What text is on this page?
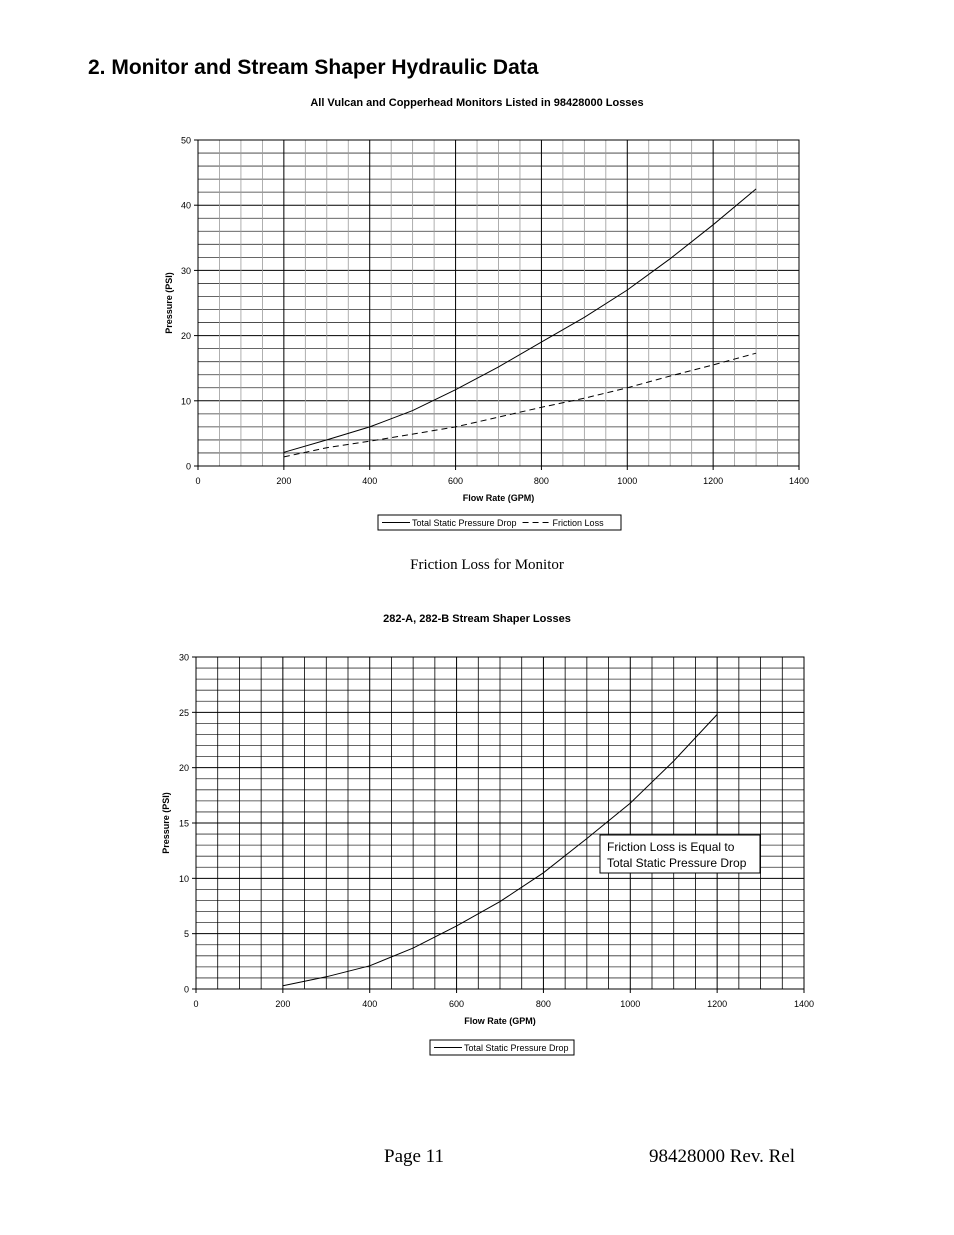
2. Monitor and Stream Shaper Hydraulic Data
All Vulcan and Copperhead Monitors Listed in 98428000 Losses
0
10
20
30
40
50
0	200	400	600	800	1000	1200	1400
Flow Rate (GPM)
Pressure (PSI)
Total Static Pressure Drop	Friction Loss
Friction Loss for Monitor
282-A, 282-B Stream Shaper Losses
0
5
10
15
20
25
30
0	200	400	600	800	1000	1200	1400
Flow Rate (GPM)
Pressure (PSI)
Total Static Pressure Drop
Friction Loss is Equal to
Total Static Pressure Drop
Page 11	98428000 Rev. Rel
